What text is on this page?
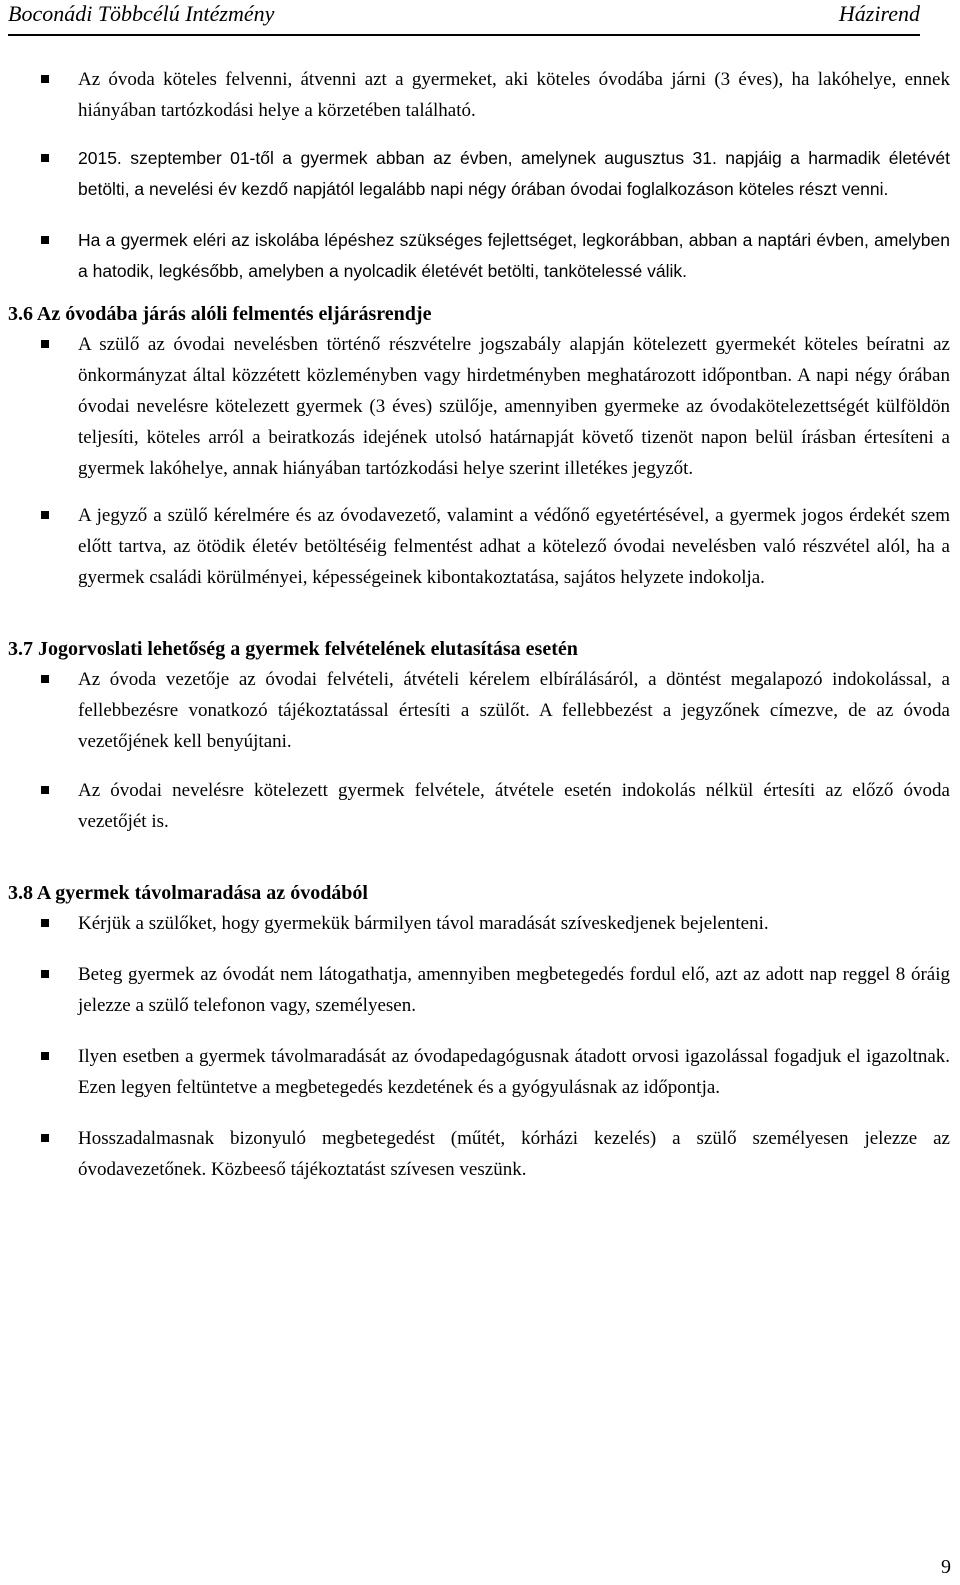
Boconádi Többcélú Intézmény	Házirend
Az óvoda köteles felvenni, átvenni azt a gyermeket, aki köteles óvodába járni (3 éves), ha lakóhelye, ennek hiányában tartózkodási helye a körzetében található.
2015. szeptember 01-től a gyermek abban az évben, amelynek augusztus 31. napjáig a harmadik életévét betölti, a nevelési év kezdő napjától legalább napi négy órában óvodai foglalkozáson köteles részt venni.
Ha a gyermek eléri az iskolába lépéshez szükséges fejlettséget, legkorábban, abban a naptári évben, amelyben a hatodik, legkésőbb, amelyben a nyolcadik életévét betölti, tankötelessé válik.
3.6 Az óvodába járás alóli felmentés eljárásrendje
A szülő az óvodai nevelésben történő részvételre jogszabály alapján kötelezett gyermekét köteles beíratni az önkormányzat által közzétett közleményben vagy hirdetményben meghatározott időpontban. A napi négy órában óvodai nevelésre kötelezett gyermek (3 éves) szülője, amennyiben gyermeke az óvodakötelezettségét külföldön teljesíti, köteles arról a beiratkozás idejének utolsó határnapját követő tizenöt napon belül írásban értesíteni a gyermek lakóhelye, annak hiányában tartózkodási helye szerint illetékes jegyzőt.
A jegyző a szülő kérelmére és az óvodavezető, valamint a védőnő egyetértésével, a gyermek jogos érdekét szem előtt tartva, az ötödik életév betöltéséig felmentést adhat a kötelező óvodai nevelésben való részvétel alól, ha a gyermek családi körülményei, képességeinek kibontakoztatása, sajátos helyzete indokolja.
3.7 Jogorvoslati lehetőség a gyermek felvételének elutasítása esetén
Az óvoda vezetője az óvodai felvételi, átvételi kérelem elbírálásáról, a döntést megalapozó indokolással, a fellebbezésre vonatkozó tájékoztatással értesíti a szülőt. A fellebbezést a jegyzőnek címezve, de az óvoda vezetőjének kell benyújtani.
Az óvodai nevelésre kötelezett gyermek felvétele, átvétele esetén indokolás nélkül értesíti az előző óvoda vezetőjét is.
3.8 A gyermek távolmaradása az óvodából
Kérjük a szülőket, hogy gyermekük bármilyen távol maradását szíveskedjenek bejelenteni.
Beteg gyermek az óvodát nem látogathatja, amennyiben megbetegedés fordul elő, azt az adott nap reggel 8 óráig jelezze a szülő telefonon vagy, személyesen.
Ilyen esetben a gyermek távolmaradását az óvodapedagógusnak átadott orvosi igazolással fogadjuk el igazoltnak. Ezen legyen feltüntetve a megbetegedés kezdetének és a gyógyulásnak az időpontja.
Hosszadalmasnak bizonyuló megbetegedést (műtét, kórházi kezelés) a szülő személyesen jelezze az óvodavezetőnek. Közbeeső tájékoztatást szívesen veszünk.
9
